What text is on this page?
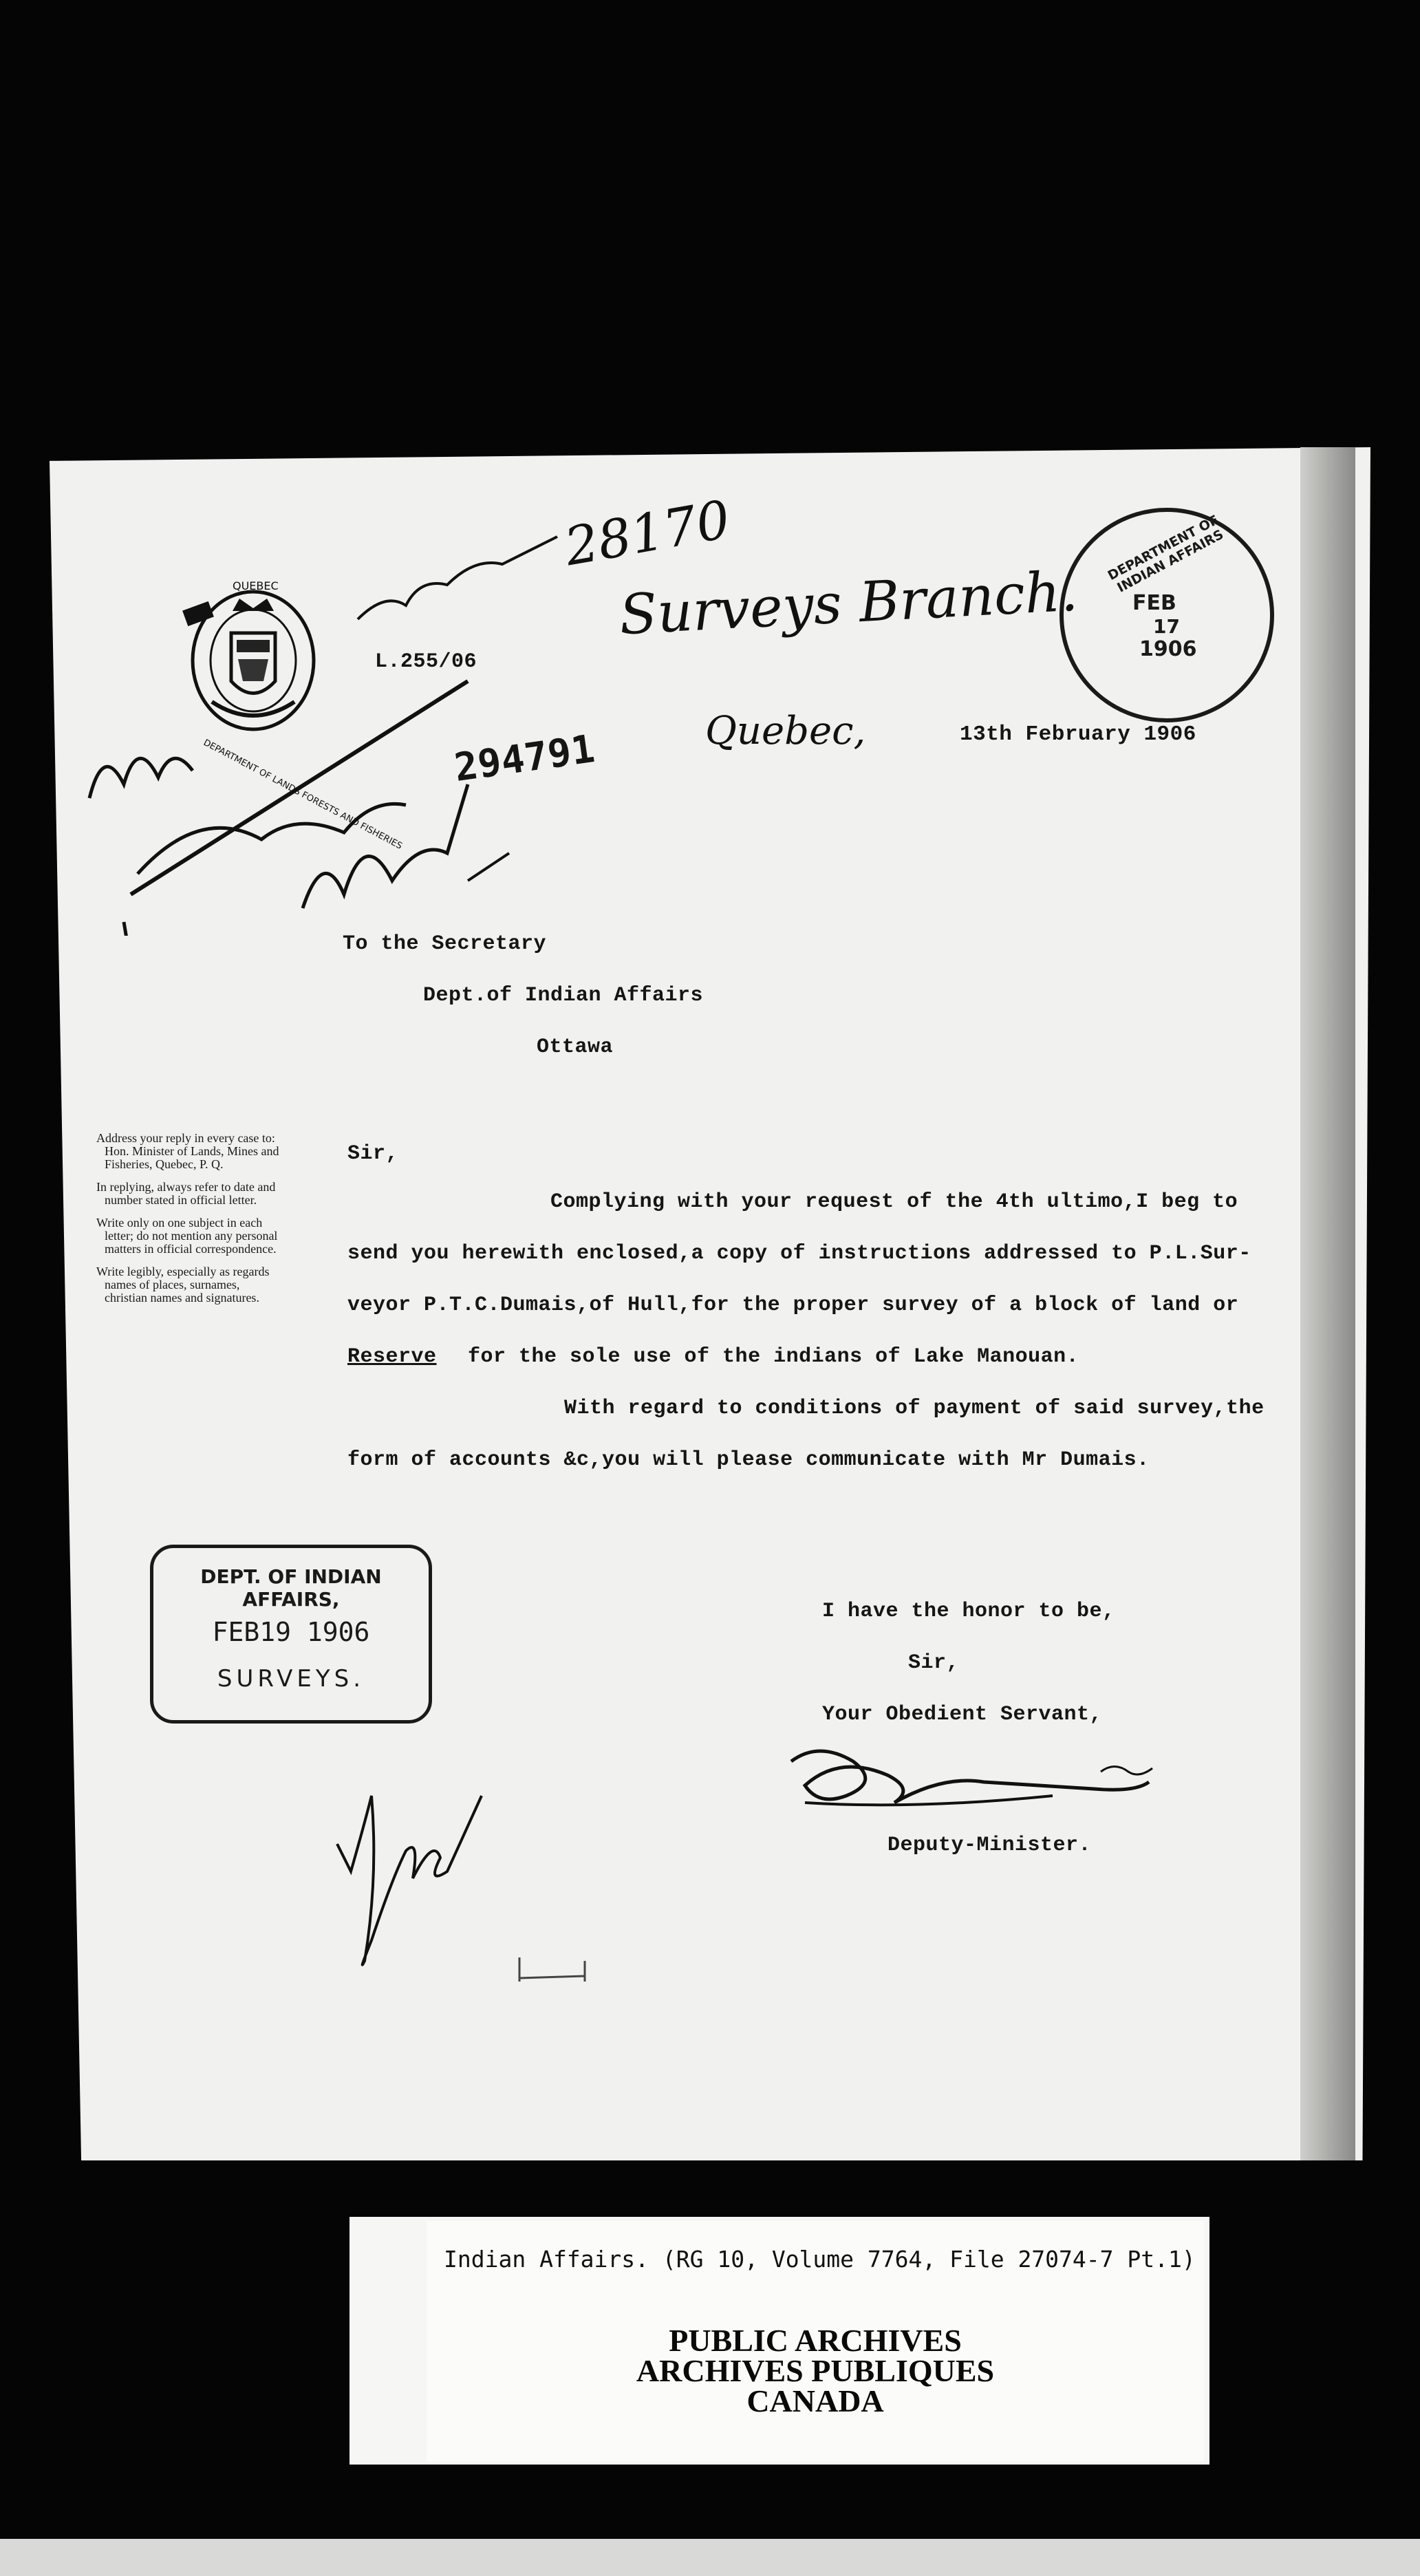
QUEBEC
DEPARTMENT OF LANDS FORESTS AND FISHERIES
L.255/06
Surveys Branch.
Quebec,	13th February 1906
28170
294791
DEPARTMENT OF INDIAN AFFAIRS
FEB
17
1906
To the Secretary
Dept.of Indian Affairs
Ottawa

Address your reply in every case to: Hon. Minister of Lands, Mines and Fisheries, Quebec, P. Q.

In replying, always refer to date and number stated in official letter.

Write only on one subject in each letter; do not mention any personal matters in official correspondence.

Write legibly, especially as regards names of places, surnames, christian names and signatures.

Sir,
Complying with your request of the 4th ultimo,I beg to
send you herewith enclosed,a copy of instructions addressed to P.L.Sur-
veyor P.T.C.Dumais,of Hull,for the proper survey of a block of land or
Reserve for the sole use of the indians of Lake Manouan.
With regard to conditions of payment of said survey,the
form of accounts &c,you will please communicate with Mr Dumais.
I have the honor to be,
Sir,
Your Obedient Servant,
Deputy-Minister.
DEPT. OF INDIAN AFFAIRS,
FEB19 1906
SURVEYS.
Indian Affairs. (RG 10, Volume 7764, File 27074-7 Pt.1)
PUBLIC ARCHIVES
ARCHIVES PUBLIQUES
CANADA
